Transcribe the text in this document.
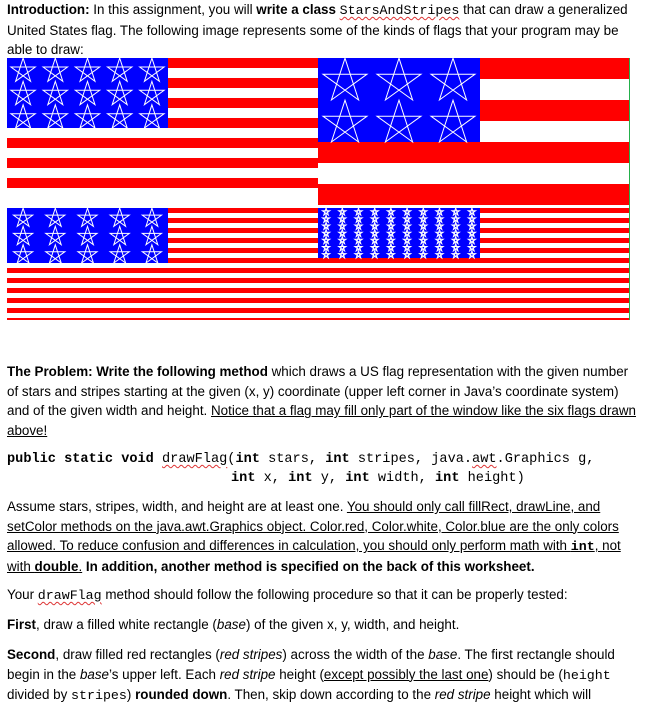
Introduction: In this assignment, you will write a class StarsAndStripes that can draw a generalized United States flag. The following image represents some of the kinds of flags that your program may be able to draw:

The Problem: Write the following method which draws a US flag representation with the given number of stars and stripes starting at the given (x, y) coordinate (upper left corner in Java’s coordinate system) and of the given width and height. Notice that a flag may fill only part of the window like the six flags drawn above!

public static void drawFlag(int stars, int stripes, java.awt.Graphics g,
int x, int y, int width, int height)

Assume stars, stripes, width, and height are at least one. You should only call fillRect, drawLine, and setColor methods on the java.awt.Graphics object. Color.red, Color.white, Color.blue are the only colors allowed. To reduce confusion and differences in calculation, you should only perform math with int, not with double. In addition, another method is specified on the back of this worksheet.

Your drawFlag method should follow the following procedure so that it can be properly tested:

First, draw a filled white rectangle (base) of the given x, y, width, and height.

Second, draw filled red rectangles (red stripes) across the width of the base. The first rectangle should begin in the base’s upper left. Each red stripe height (except possibly the last one) should be (height divided by stripes) rounded down. Then, skip down according to the red stripe height which will
